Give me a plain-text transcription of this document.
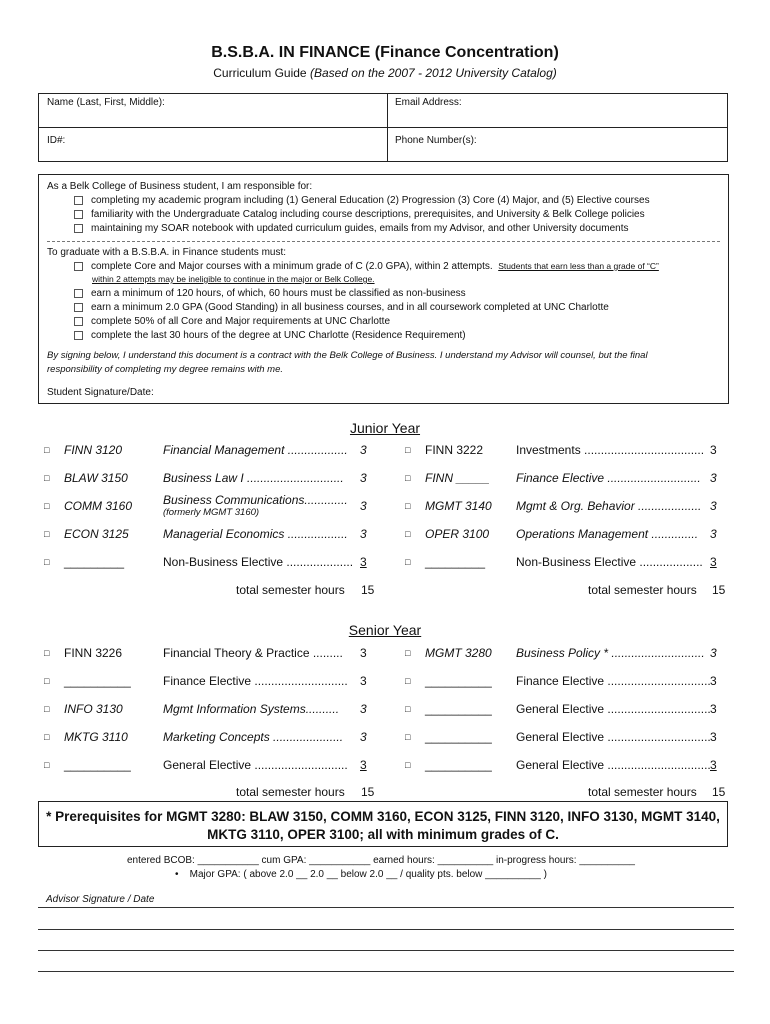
B.S.B.A. IN FINANCE (Finance Concentration)
Curriculum Guide (Based on the 2007 - 2012 University Catalog)
Name (Last, First, Middle):	Email Address:
ID#:	Phone Number(s):
As a Belk College of Business student, I am responsible for:
completing my academic program including (1) General Education (2) Progression (3) Core (4) Major, and (5) Elective courses
familiarity with the Undergraduate Catalog including course descriptions, prerequisites, and University & Belk College policies
maintaining my SOAR notebook with updated curriculum guides, emails from my Advisor, and other University documents
To graduate with a B.S.B.A. in Finance students must:
complete Core and Major courses with a minimum grade of C (2.0 GPA), within 2 attempts. Students that earn less than a grade of “C”
within 2 attempts may be ineligible to continue in the major or Belk College.
earn a minimum of 120 hours, of which, 60 hours must be classified as non-business
earn a minimum 2.0 GPA (Good Standing) in all business courses, and in all coursework completed at UNC Charlotte
complete 50% of all Core and Major requirements at UNC Charlotte
complete the last 30 hours of the degree at UNC Charlotte (Residence Requirement)
By signing below, I understand this document is a contract with the Belk College of Business. I understand my Advisor will counsel, but the final
responsibility of completing my degree remains with me.
Student Signature/Date:
Junior Year
□ FINN 3120	Financial Management .................. 3
□ BLAW 3150	Business Law I ............................. 3
□ COMM 3160	Business Communications.............
(formerly MGMT 3160)	3
□ ECON 3125	Managerial Economics .................. 3
□ _________	Non-Business Elective .................... 3
total semester hours 15
□ FINN 3222	Investments .................................... 3
□ FINN _____ Finance Elective ............................ 3
□ MGMT 3140 Mgmt & Org. Behavior ................... 3
□ OPER 3100 Operations Management .............. 3
□ _________	Non-Business Elective ................... 3
total semester hours 15
Senior Year
□ FINN 3226	Financial Theory & Practice ......... 3
□ __________	Finance Elective ............................ 3
□ INFO 3130	Mgmt Information Systems.......... 3
□ MKTG 3110	Marketing Concepts ..................... 3
□ __________	General Elective ............................ 3
total semester hours 15
□ MGMT 3280 Business Policy * ............................ 3
□ __________ Finance Elective ............................... 3
□ __________ General Elective ............................... 3
□ __________ General Elective ............................... 3
□ __________ General Elective ............................... 3
total semester hours 15
* Prerequisites for MGMT 3280: BLAW 3150, COMM 3160, ECON 3125, FINN 3120, INFO 3130, MGMT 3140,
MKTG 3110, OPER 3100; all with minimum grades of C.
entered BCOB: ___________ cum GPA: ___________ earned hours: __________ in-progress hours: __________
• Major GPA: ( above 2.0 __ 2.0 __ below 2.0 __ / quality pts. below __________ )
Advisor Signature / Date
